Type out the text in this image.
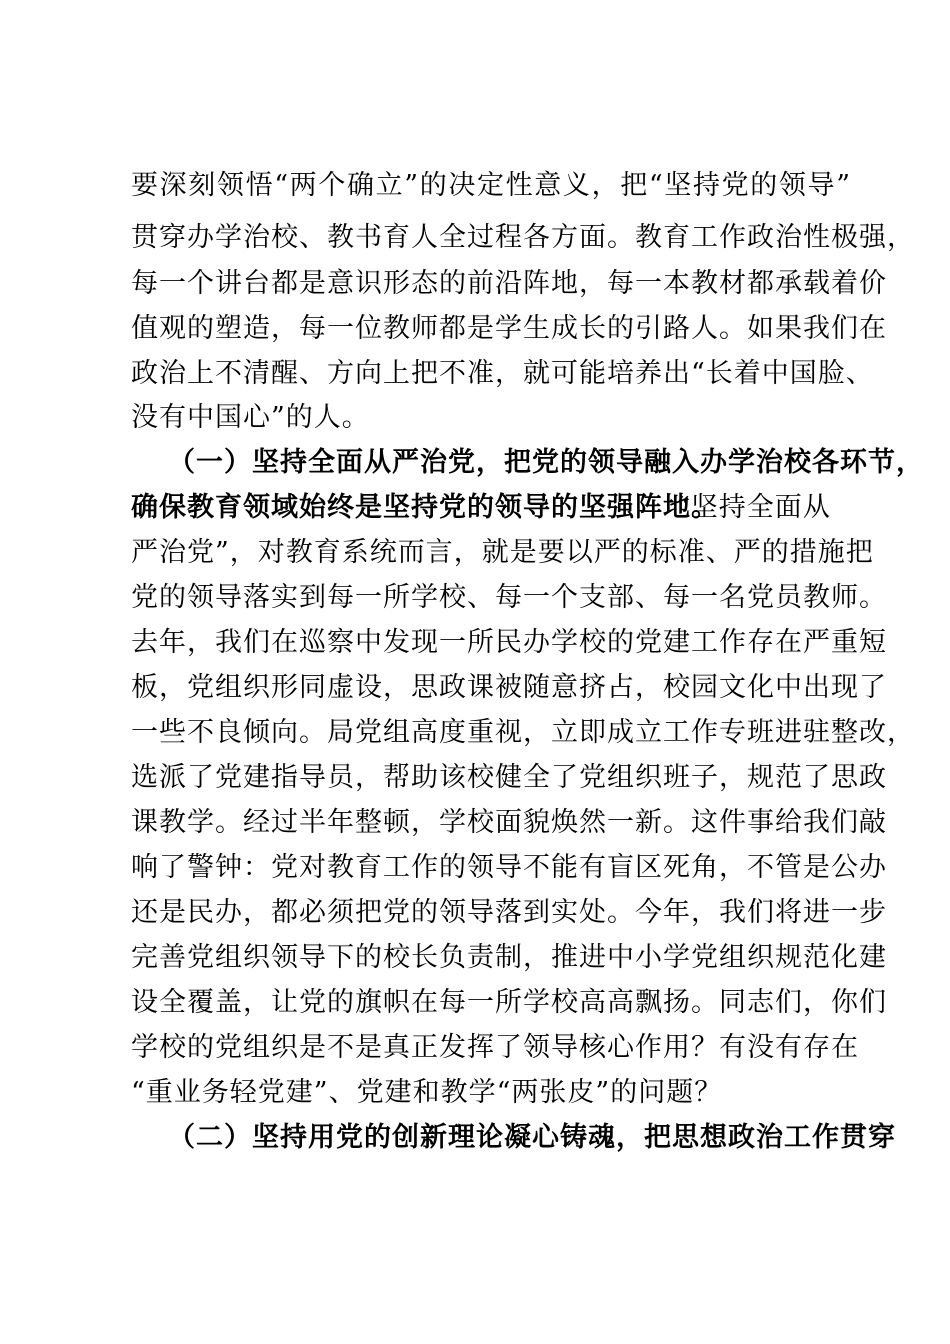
要深刻领悟“两个确立”的决定性意义，把“坚持党的领导”
贯穿办学治校、教书育人全过程各方面。教育工作政治性极强，
每一个讲台都是意识形态的前沿阵地，每一本教材都承载着价
值观的塑造，每一位教师都是学生成长的引路人。如果我们在
政治上不清醒、方向上把不准，就可能培养出“长着中国脸、
没有中国心”的人。
（一）坚持全面从严治党，把党的领导融入办学治校各环节，
确保教育领域始终是坚持党的领导的坚强阵地。
“坚持全面从
严治党”，对教育系统而言，就是要以严的标准、严的措施把
党的领导落实到每一所学校、每一个支部、每一名党员教师。
去年，我们在巡察中发现一所民办学校的党建工作存在严重短
板，党组织形同虚设，思政课被随意挤占，校园文化中出现了
一些不良倾向。局党组高度重视，立即成立工作专班进驻整改，
选派了党建指导员，帮助该校健全了党组织班子，规范了思政
课教学。经过半年整顿，学校面貌焕然一新。这件事给我们敲
响了警钟：党对教育工作的领导不能有盲区死角，不管是公办
还是民办，都必须把党的领导落到实处。今年，我们将进一步
完善党组织领导下的校长负责制，推进中小学党组织规范化建
设全覆盖，让党的旗帜在每一所学校高高飘扬。同志们，你们
学校的党组织是不是真正发挥了领导核心作用？有没有存在
“重业务轻党建”、党建和教学“两张皮”的问题？
（二）坚持用党的创新理论凝心铸魂，把思想政治工作贯穿
